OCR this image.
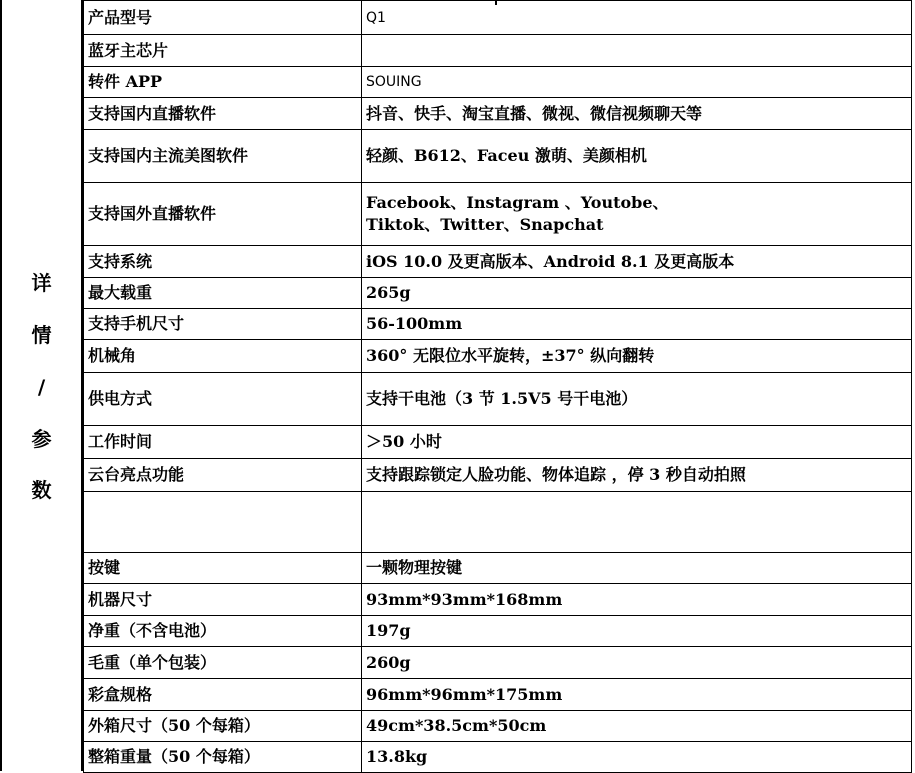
详
情
/
参
数
产品型号	Q1
蓝牙主芯片	
转件 APP	SOUING
支持国内直播软件	抖音、快手、淘宝直播、微视、微信视频聊天等
支持国内主流美图软件	轻颜、B612、Faceu 激萌、美颜相机
支持国外直播软件	Facebook、Instagram 、Youtobe、
Tiktok、Twitter、Snapchat

支持系统	iOS 10.0 及更高版本、Android 8.1 及更高版本
最大载重	265g
支持手机尺寸	56-100mm
机械角	360° 无限位水平旋转，±37° 纵向翻转
供电方式	支持干电池（3 节 1.5V5 号干电池）
工作时间	＞50 小时
云台亮点功能	支持跟踪锁定人脸功能、物体追踪 ，停 3 秒自动拍照

按键	一颗物理按键
机器尺寸	93mm*93mm*168mm
净重（不含电池）	197g
毛重（单个包装）	260g
彩盒规格	96mm*96mm*175mm
外箱尺寸（50 个每箱）	49cm*38.5cm*50cm
整箱重量（50 个每箱）	13.8kg
